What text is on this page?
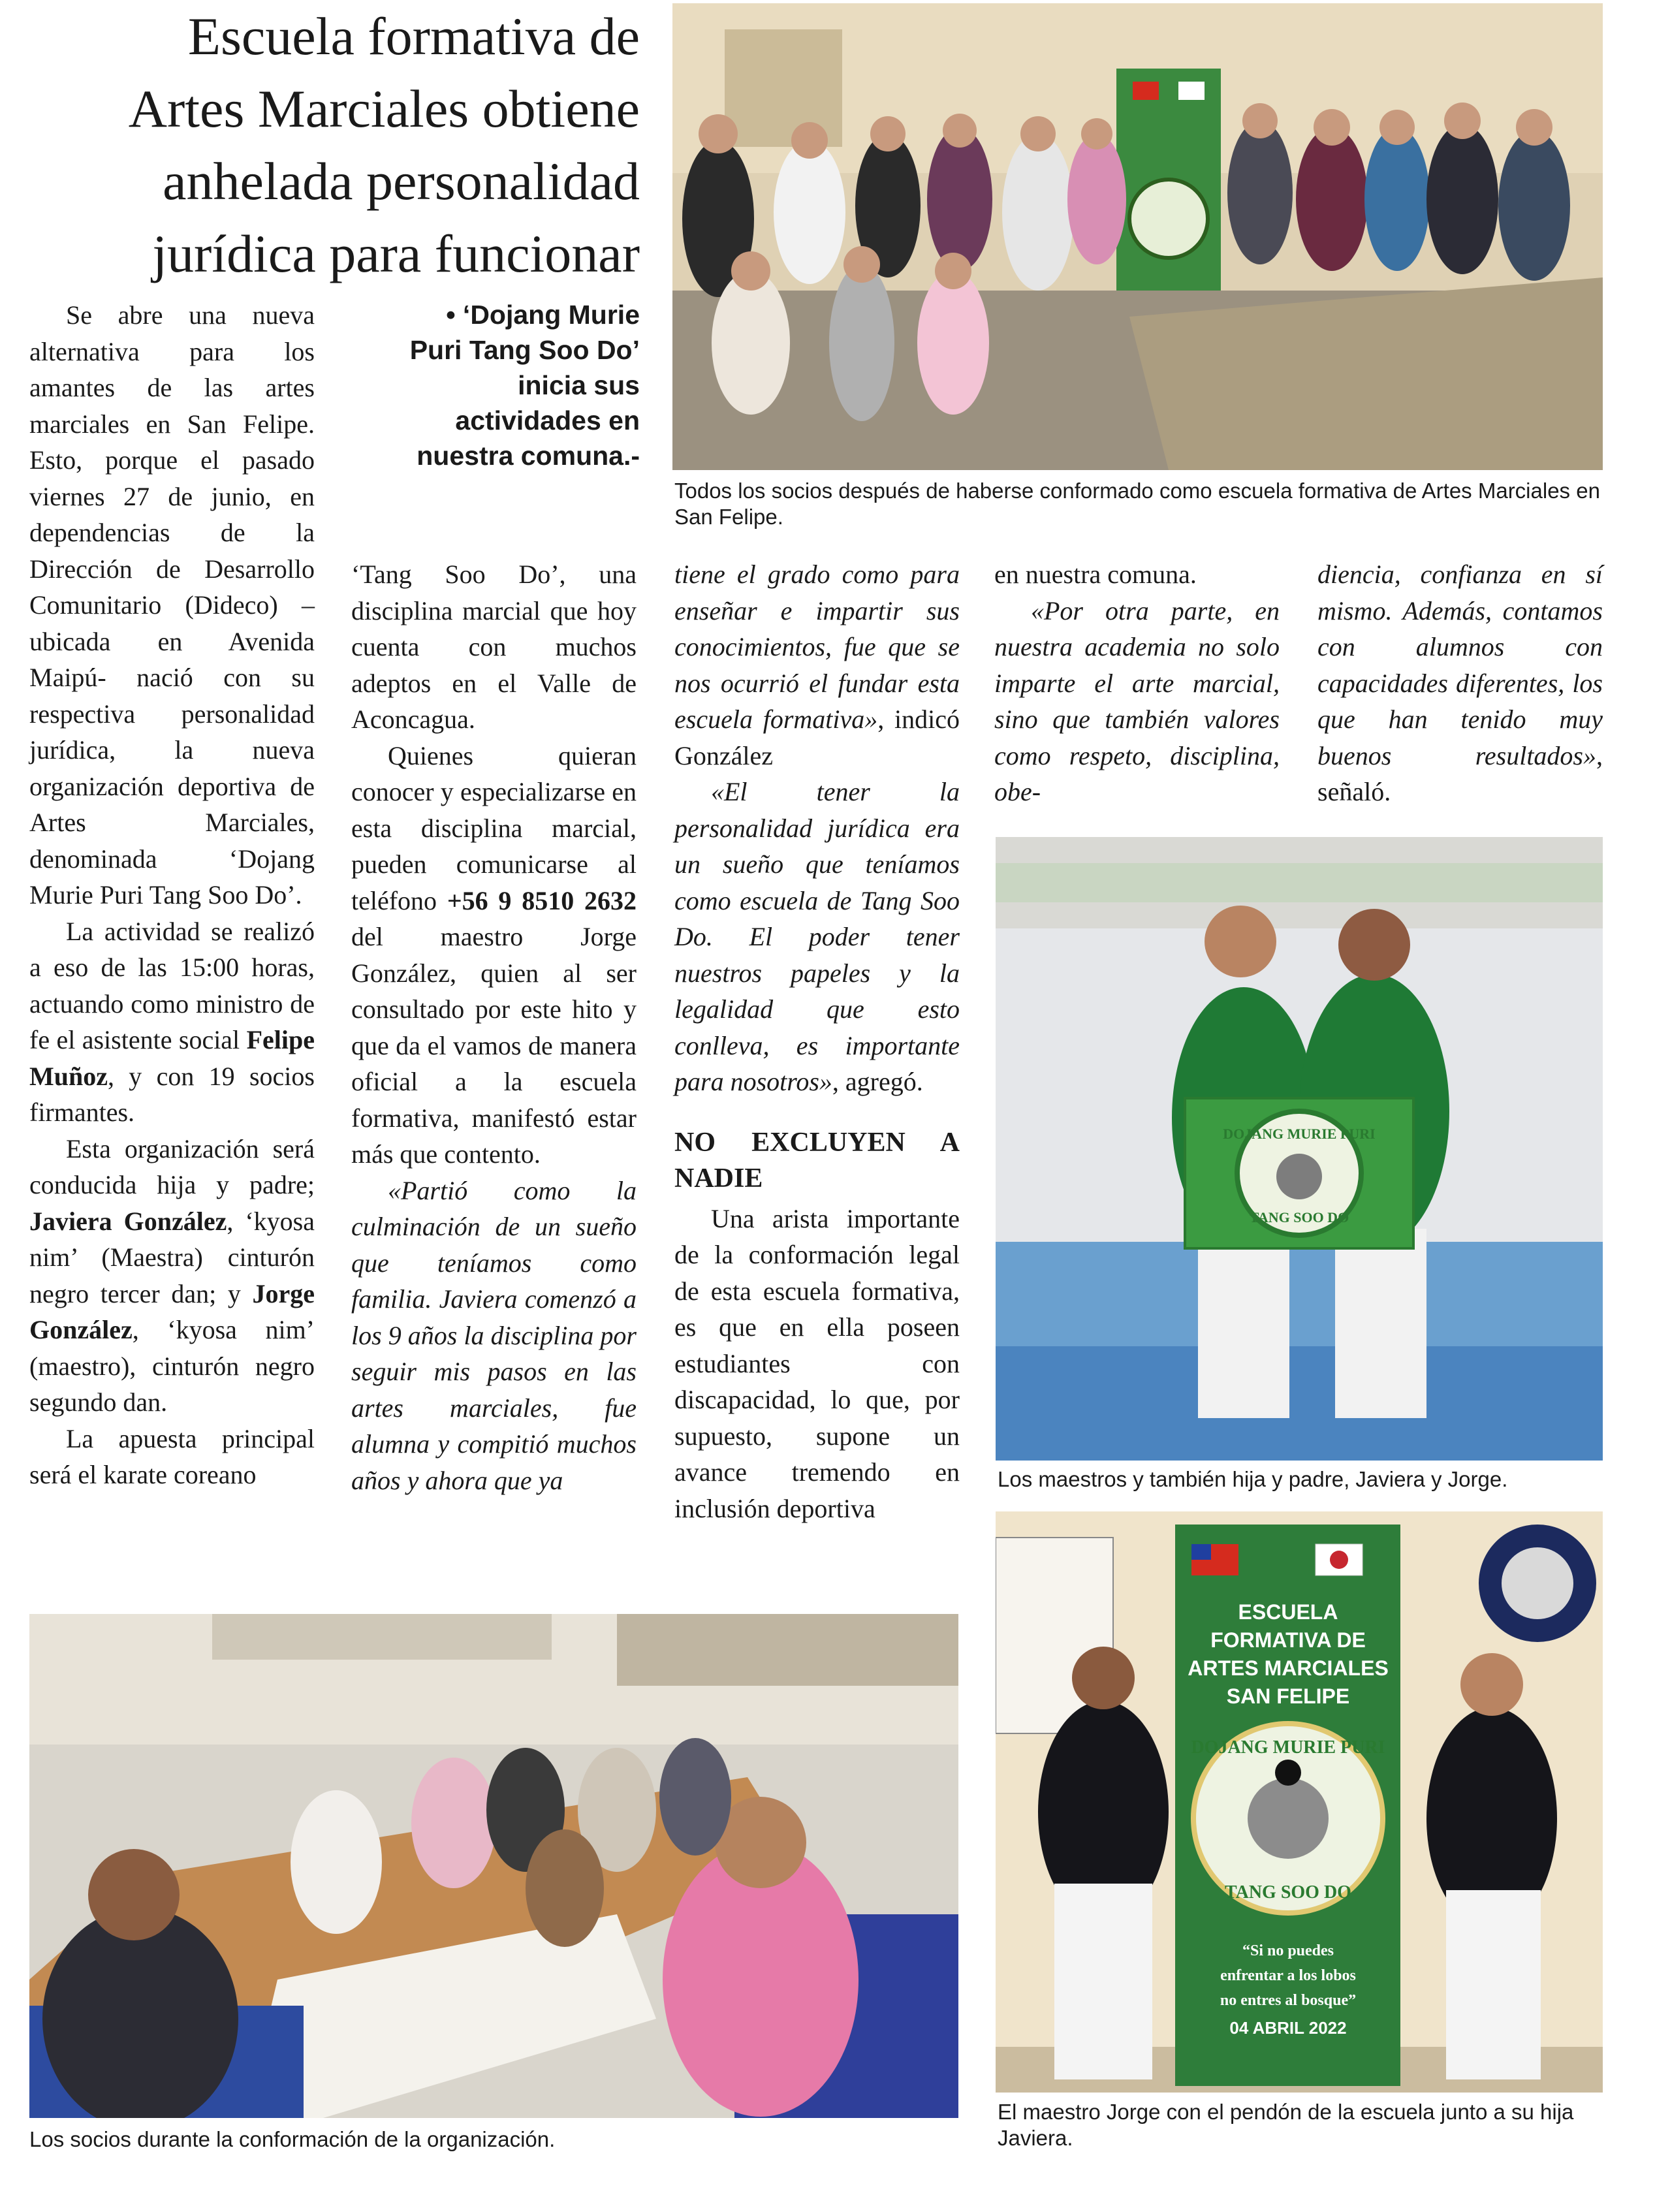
Escuela formativa de
Artes Marciales obtiene
anhelada personalidad
jurídica para funcionar
• ‘Dojang Murie Puri Tang Soo Do’ inicia sus actividades en nuestra comuna.-

Se abre una nueva alternativa para los amantes de las artes marciales en San Felipe. Esto, porque el pasado viernes 27 de junio, en dependencias de la Dirección de Desarrollo Comunitario (Dideco) –ubicada en Avenida Maipú- nació con su respectiva personalidad jurídica, la nueva organización deportiva de Artes Marciales, denominada ‘Dojang Murie Puri Tang Soo Do’.

La actividad se realizó a eso de las 15:00 horas, actuando como ministro de fe el asistente social Felipe Muñoz, y con 19 socios firmantes.

Esta organización será conducida hija y padre; Javiera González, ‘kyosa nim’ (Maestra) cinturón negro tercer dan; y Jorge González, ‘kyosa nim’ (maestro), cinturón negro segundo dan.

La apuesta principal será el karate coreano

‘Tang Soo Do’, una disciplina marcial que hoy cuenta con muchos adeptos en el Valle de Aconcagua.

Quienes quieran conocer y especializarse en esta disciplina marcial, pueden comunicarse al teléfono +56 9 8510 2632 del maestro Jorge González, quien al ser consultado por este hito y que da el vamos de manera oficial a la escuela formativa, manifestó estar más que contento.

«Partió como la culminación de un sueño que teníamos como familia. Javiera comenzó a los 9 años la disciplina por seguir mis pasos en las artes marciales, fue alumna y compitió muchos años y ahora que ya

tiene el grado como para enseñar e impartir sus conocimientos, fue que se nos ocurrió el fundar esta escuela formativa», indicó González

«El tener la personalidad jurídica era un sueño que teníamos como escuela de Tang Soo Do. El poder tener nuestros papeles y la legalidad que esto conlleva, es importante para nosotros», agregó.

NO EXCLUYEN A NADIE

Una arista importante de la conformación legal de esta escuela formativa, es que en ella poseen estudiantes con discapacidad, lo que, por supuesto, supone un avance tremendo en inclusión deportiva

en nuestra comuna.

«Por otra parte, en nuestra academia no solo imparte el arte marcial, sino que también valores como respeto, disciplina, obe-

diencia, confianza en sí mismo. Además, contamos con alumnos con capacidades diferentes, los que han tenido muy buenos resultados», señaló.

Todos los socios después de haberse conformado como escuela formativa de Artes Marciales en San Felipe.
DOJANG MURIE PURI
TANG SOO DO
Los maestros y también hija y padre, Javiera y Jorge.
Los socios durante la conformación de la organización.
ESCUELA
FORMATIVA DE
ARTES MARCIALES
SAN FELIPE
DOJANG MURIE PURI
TANG SOO DO
“Si no puedes
enfrentar a los lobos
no entres al bosque”
04 ABRIL 2022
El maestro Jorge con el pendón de la escuela junto a su hija Javiera.
